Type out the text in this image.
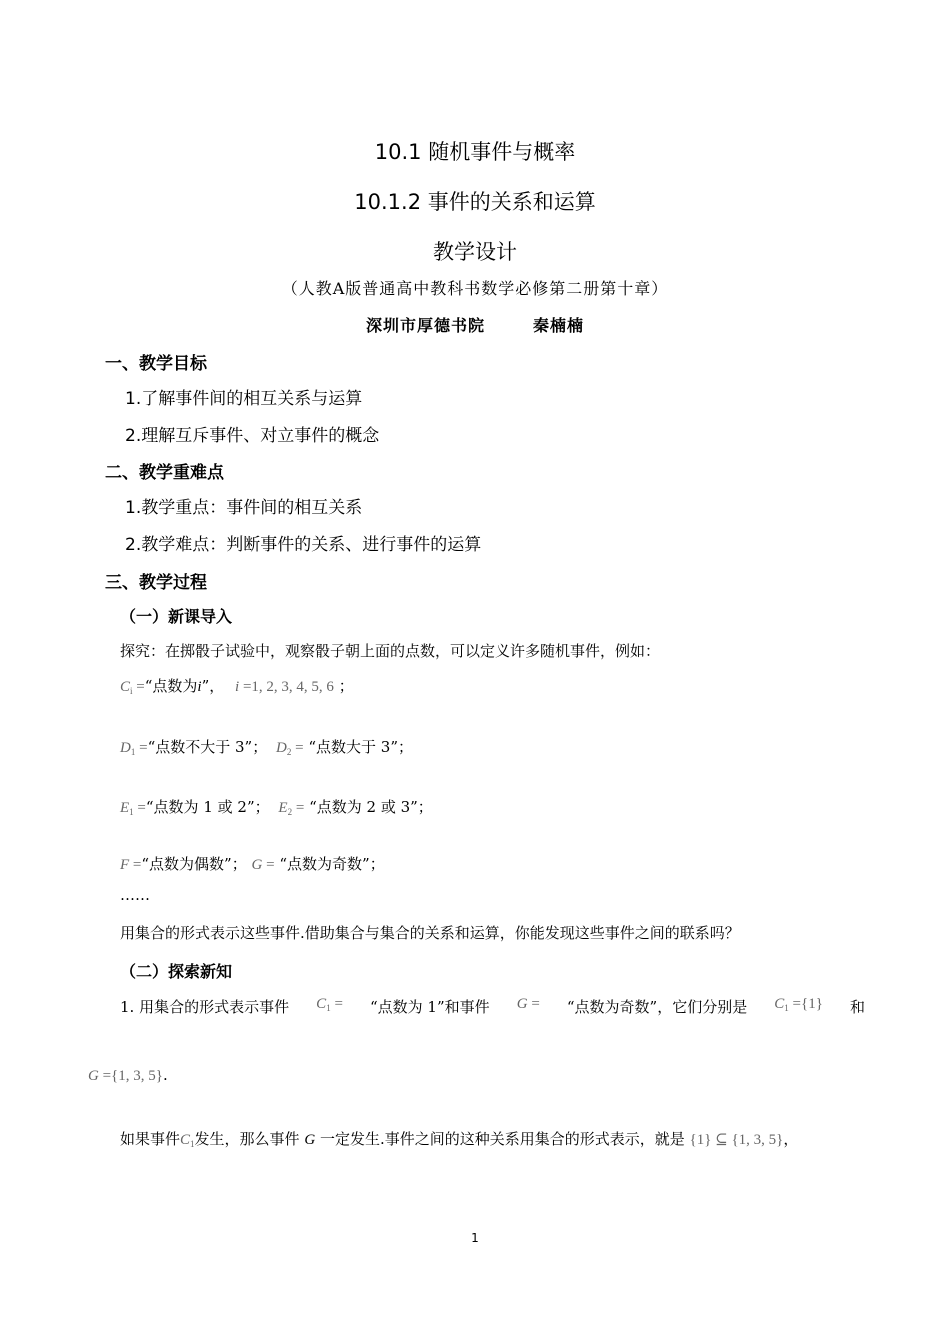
10.1 随机事件与概率
10.1.2 事件的关系和运算
教学设计
（人教A版普通高中教科书数学必修第二册第十章）
深圳市厚德书院	秦楠楠
一、教学目标
1.了解事件间的相互关系与运算
2.理解互斥事件、对立事件的概念
二、教学重难点
1.教学重点：事件间的相互关系
2.教学难点：判断事件的关系、进行事件的运算
三、教学过程
（一）新课导入
探究：在掷骰子试验中，观察骰子朝上面的点数，可以定义许多随机事件，例如：
$C_i$ =“点数为i”， i =1, 2, 3, 4, 5, 6 ；
$D_1$ =“点数不大于 3”； $D_2$ = “点数大于 3”；
$E_1$ =“点数为 1 或 2”； $E_2$ = “点数为 2 或 3”；
F =“点数为偶数”； G = “点数为奇数”；
……
用集合的形式表示这些事件.借助集合与集合的关系和运算，你能发现这些事件之间的联系吗？
（二）探索新知
1. 用集合的形式表示事件 $C_1$ = “点数为 1”和事件 G = “点数为奇数”，它们分别是 $C_1 =\{1\}$ 和
G ={1, 3, 5}.
如果事件$C_1$发生，那么事件 G 一定发生.事件之间的这种关系用集合的形式表示，就是 {1} ⊆ {1, 3, 5}，
1
